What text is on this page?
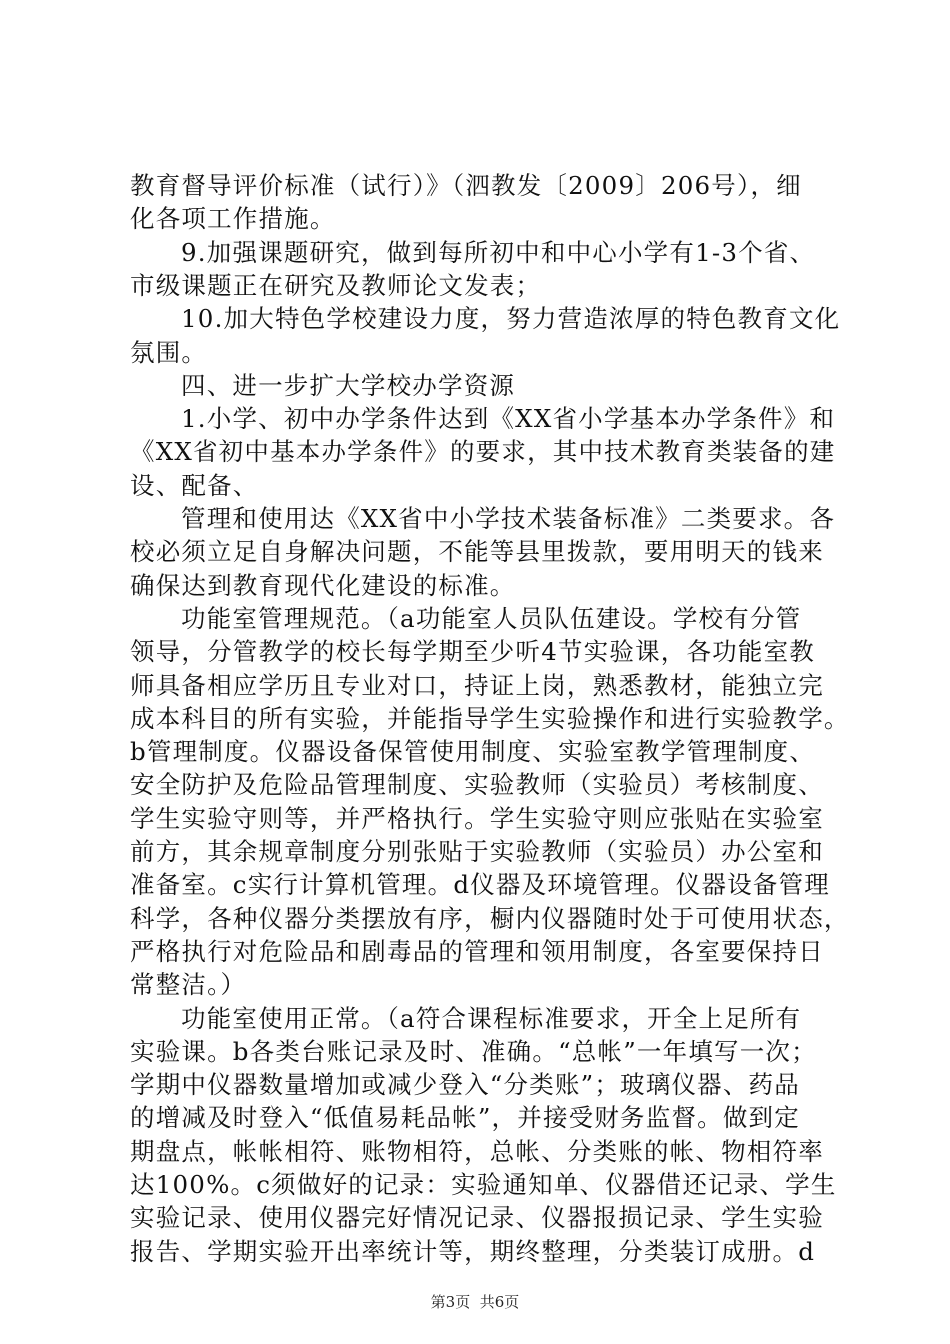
教育督导评价标准（试行）》（泗教发〔2009〕206号），细
化各项工作措施。
9.加强课题研究，做到每所初中和中心小学有1-3个省、
市级课题正在研究及教师论文发表；
10.加大特色学校建设力度，努力营造浓厚的特色教育文化
氛围。
四、进一步扩大学校办学资源
1.小学、初中办学条件达到《XX省小学基本办学条件》和
《XX省初中基本办学条件》的要求，其中技术教育类装备的建
设、配备、
管理和使用达《XX省中小学技术装备标准》二类要求。各
校必须立足自身解决问题，不能等县里拨款，要用明天的钱来
确保达到教育现代化建设的标准。
功能室管理规范。（a功能室人员队伍建设。学校有分管
领导，分管教学的校长每学期至少听4节实验课，各功能室教
师具备相应学历且专业对口，持证上岗，熟悉教材，能独立完
成本科目的所有实验，并能指导学生实验操作和进行实验教学。
b管理制度。仪器设备保管使用制度、实验室教学管理制度、
安全防护及危险品管理制度、实验教师（实验员）考核制度、
学生实验守则等，并严格执行。学生实验守则应张贴在实验室
前方，其余规章制度分别张贴于实验教师（实验员）办公室和
准备室。c实行计算机管理。d仪器及环境管理。仪器设备管理
科学，各种仪器分类摆放有序，橱内仪器随时处于可使用状态，
严格执行对危险品和剧毒品的管理和领用制度，各室要保持日
常整洁。）
功能室使用正常。（a符合课程标准要求，开全上足所有
实验课。b各类台账记录及时、准确。“总帐”一年填写一次；
学期中仪器数量增加或减少登入“分类账”；玻璃仪器、药品
的增减及时登入“低值易耗品帐”，并接受财务监督。做到定
期盘点，帐帐相符、账物相符，总帐、分类账的帐、物相符率
达100%。c须做好的记录：实验通知单、仪器借还记录、学生
实验记录、使用仪器完好情况记录、仪器报损记录、学生实验
报告、学期实验开出率统计等，期终整理，分类装订成册。d
第3页 共6页
